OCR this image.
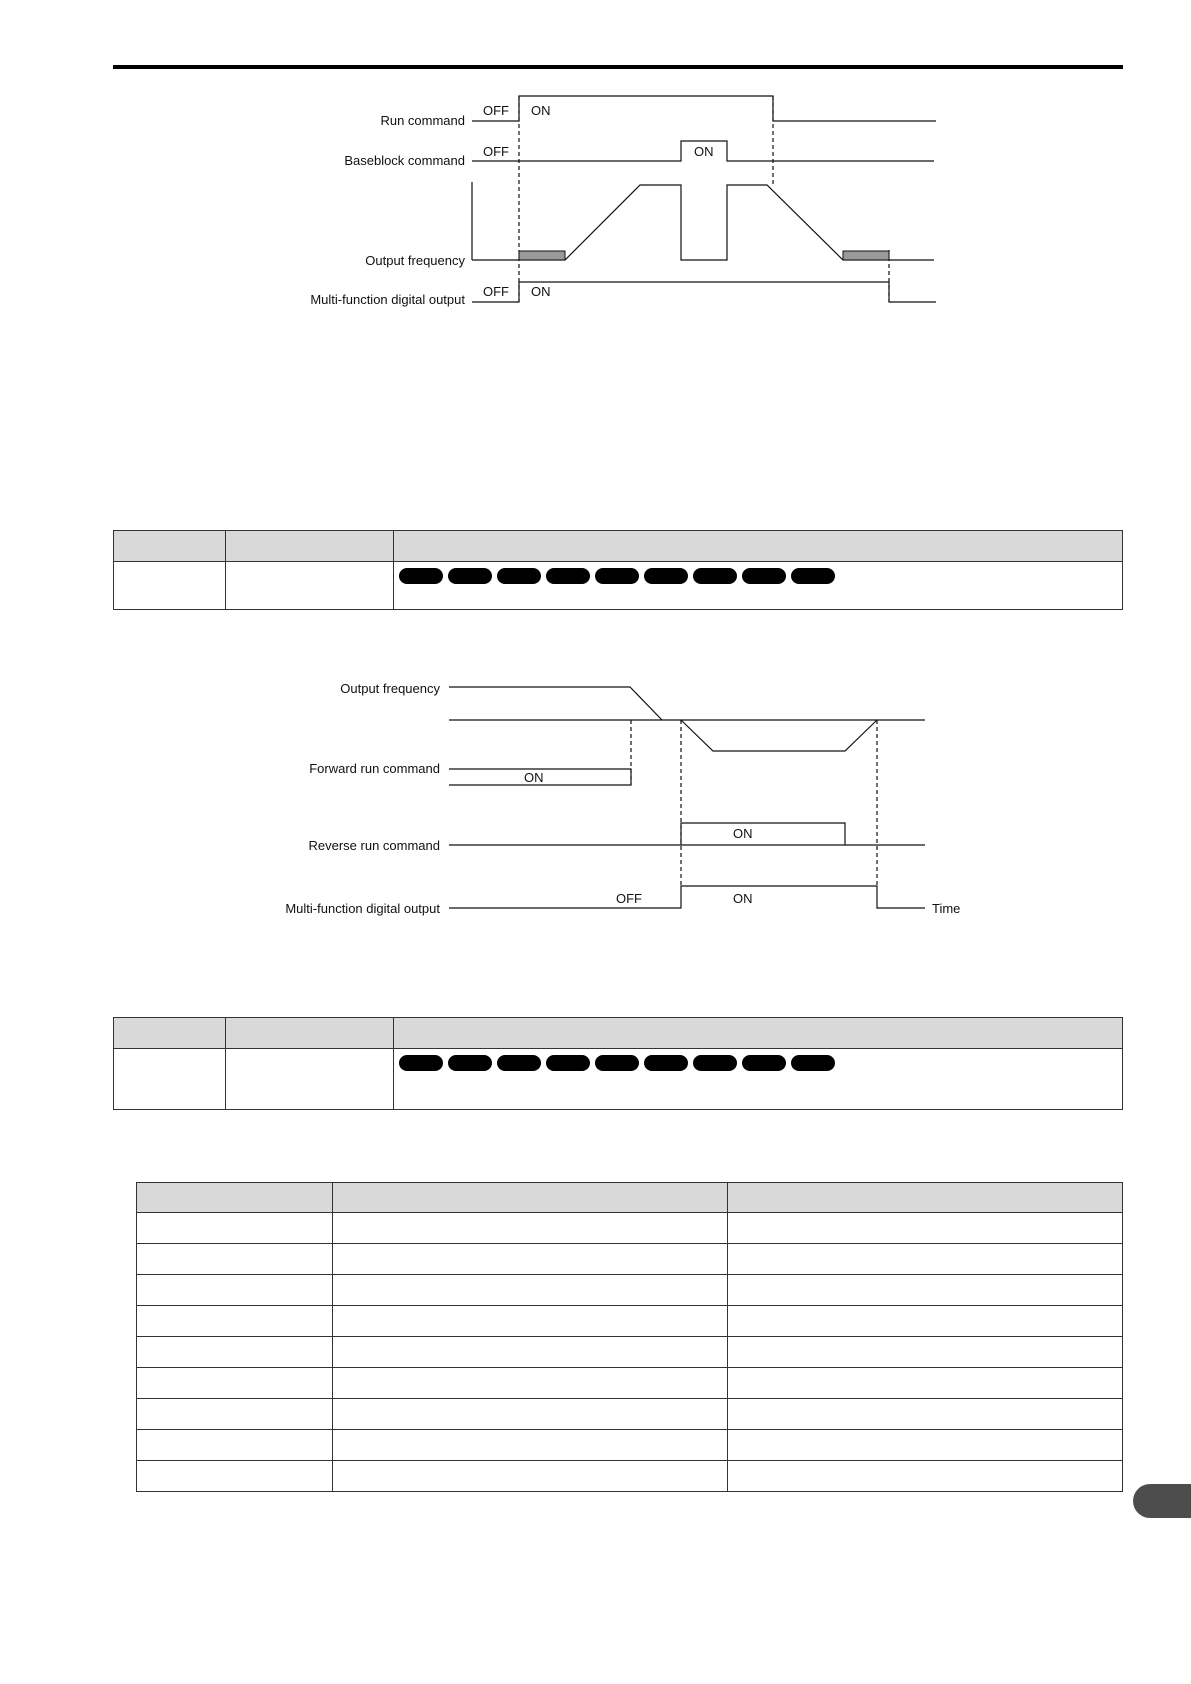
Run command
OFF ON
Baseblock command
OFF	ON
Output frequency
Multi-function digital output
OFF ON

Output frequency
Forward run command
ON
Reverse run command
ON
Multi-function digital output
OFF	ON
Time
